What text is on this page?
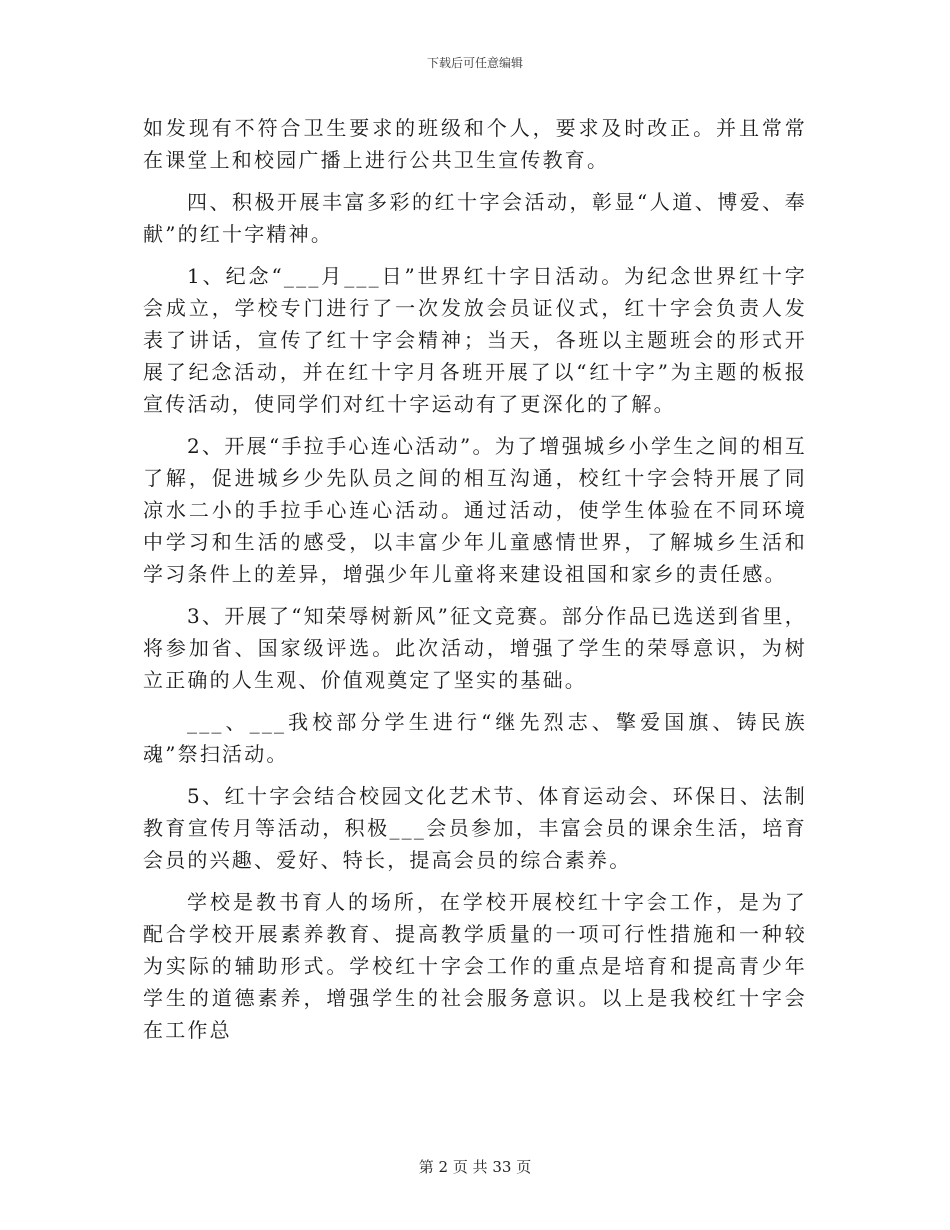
下载后可任意编辑

如发现有不符合卫生要求的班级和个人，要求及时改正。并且常常在课堂上和校园广播上进行公共卫生宣传教育。

四、积极开展丰富多彩的红十字会活动，彰显“人道、博爱、奉献”的红十字精神。

1、纪念“___月___日”世界红十字日活动。为纪念世界红十字会成立，学校专门进行了一次发放会员证仪式，红十字会负责人发表了讲话，宣传了红十字会精神；当天，各班以主题班会的形式开展了纪念活动，并在红十字月各班开展了以“红十字”为主题的板报宣传活动，使同学们对红十字运动有了更深化的了解。

2、开展“手拉手心连心活动”。为了增强城乡小学生之间的相互了解，促进城乡少先队员之间的相互沟通，校红十字会特开展了同凉水二小的手拉手心连心活动。通过活动，使学生体验在不同环境中学习和生活的感受，以丰富少年儿童感情世界，了解城乡生活和学习条件上的差异，增强少年儿童将来建设祖国和家乡的责任感。

3、开展了“知荣辱树新风”征文竞赛。部分作品已选送到省里，将参加省、国家级评选。此次活动，增强了学生的荣辱意识，为树立正确的人生观、价值观奠定了坚实的基础。

___、___我校部分学生进行“继先烈志、擎爱国旗、铸民族魂”祭扫活动。

5、红十字会结合校园文化艺术节、体育运动会、环保日、法制教育宣传月等活动，积极___会员参加，丰富会员的课余生活，培育会员的兴趣、爱好、特长，提高会员的综合素养。

学校是教书育人的场所，在学校开展校红十字会工作，是为了配合学校开展素养教育、提高教学质量的一项可行性措施和一种较为实际的辅助形式。学校红十字会工作的重点是培育和提高青少年学生的道德素养，增强学生的社会服务意识。以上是我校红十字会在工作总

第 2 页 共 33 页
